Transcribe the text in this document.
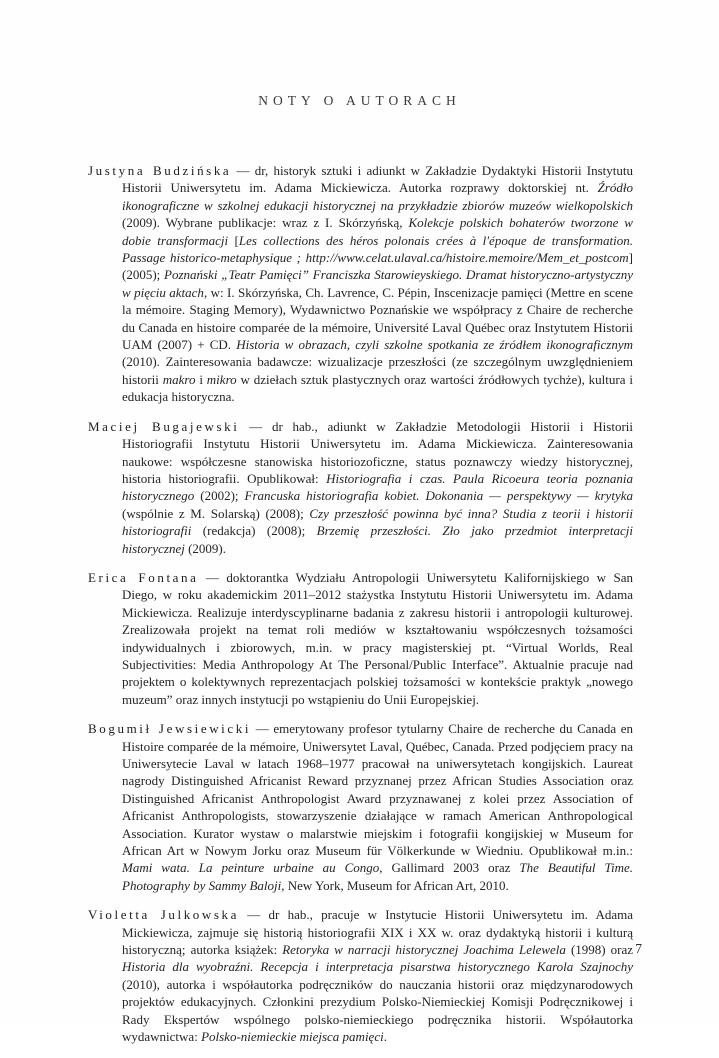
NOTY O AUTORACH

Justyna Budzińska — dr, historyk sztuki i adiunkt w Zakładzie Dydaktyki Historii Instytutu Historii Uniwersytetu im. Adama Mickiewicza. Autorka rozprawy doktorskiej nt. Źródło ikonograficzne w szkolnej edukacji historycznej na przykładzie zbiorów muzeów wielkopolskich (2009). Wybrane publikacje: wraz z I. Skórzyńską, Kolekcje polskich bohaterów tworzone w dobie transformacji [Les collections des héros polonais crées à l'époque de transformation. Passage historico-metaphysique ; http://www.celat.ulaval.ca/histoire.memoire/Mem_et_postcom] (2005); Poznański „Teatr Pamięci” Franciszka Starowieyskiego. Dramat historyczno-artystyczny w pięciu aktach, w: I. Skórzyńska, Ch. Lavrence, C. Pépin, Inscenizacje pamięci (Mettre en scene la mémoire. Staging Memory), Wydawnictwo Poznańskie we współpracy z Chaire de recherche du Canada en histoire comparée de la mémoire, Université Laval Québec oraz Instytutem Historii UAM (2007) + CD. Historia w obrazach, czyli szkolne spotkania ze źródłem ikonograficznym (2010). Zainteresowania badawcze: wizualizacje przeszłości (ze szczególnym uwzględnieniem historii makro i mikro w dziełach sztuk plastycznych oraz wartości źródłowych tychże), kultura i edukacja historyczna.

Maciej Bugajewski — dr hab., adiunkt w Zakładzie Metodologii Historii i Historii Historiografii Instytutu Historii Uniwersytetu im. Adama Mickiewicza. Zainteresowania naukowe: współczesne stanowiska historiozoficzne, status poznawczy wiedzy historycznej, historia historiografii. Opublikował: Historiografia i czas. Paula Ricoeura teoria poznania historycznego (2002); Francuska historiografia kobiet. Dokonania — perspektywy — krytyka (wspólnie z M. Solarską) (2008); Czy przeszłość powinna być inna? Studia z teorii i historii historiografii (redakcja) (2008); Brzemię przeszłości. Zło jako przedmiot interpretacji historycznej (2009).

Erica Fontana — doktorantka Wydziału Antropologii Uniwersytetu Kalifornijskiego w San Diego, w roku akademickim 2011–2012 stażystka Instytutu Historii Uniwersytetu im. Adama Mickiewicza. Realizuje interdyscyplinarne badania z zakresu historii i antropologii kulturowej. Zrealizowała projekt na temat roli mediów w kształtowaniu współczesnych tożsamości indywidualnych i zbiorowych, m.in. w pracy magisterskiej pt. “Virtual Worlds, Real Subjectivities: Media Anthropology At The Personal/Public Interface”. Aktualnie pracuje nad projektem o kolektywnych reprezentacjach polskiej tożsamości w kontekście praktyk „nowego muzeum” oraz innych instytucji po wstąpieniu do Unii Europejskiej.

Bogumił Jewsiewicki — emerytowany profesor tytularny Chaire de recherche du Canada en Histoire comparée de la mémoire, Uniwersytet Laval, Québec, Canada. Przed podjęciem pracy na Uniwersytecie Laval w latach 1968–1977 pracował na uniwersytetach kongijskich. Laureat nagrody Distinguished Africanist Reward przyznanej przez African Studies Association oraz Distinguished Africanist Anthropologist Award przyznawanej z kolei przez Association of Africanist Anthropologists, stowarzyszenie działające w ramach American Anthropological Association. Kurator wystaw o malarstwie miejskim i fotografii kongijskiej w Museum for African Art w Nowym Jorku oraz Museum für Völkerkunde w Wiedniu. Opublikował m.in.: Mami wata. La peinture urbaine au Congo, Gallimard 2003 oraz The Beautiful Time. Photography by Sammy Baloji, New York, Museum for African Art, 2010.

Violetta Julkowska — dr hab., pracuje w Instytucie Historii Uniwersytetu im. Adama Mickiewicza, zajmuje się historią historiografii XIX i XX w. oraz dydaktyką historii i kulturą historyczną; autorka książek: Retoryka w narracji historycznej Joachima Lelewela (1998) oraz Historia dla wyobraźni. Recepcja i interpretacja pisarstwa historycznego Karola Szajnochy (2010), autorka i współautorka podręczników do nauczania historii oraz międzynarodowych projektów edukacyjnych. Członkini prezydium Polsko-Niemieckiej Komisji Podręcznikowej i Rady Ekspertów wspólnego polsko-niemieckiego podręcznika historii. Współautorka wydawnictwa: Polsko-niemieckie miejsca pamięci.

7
